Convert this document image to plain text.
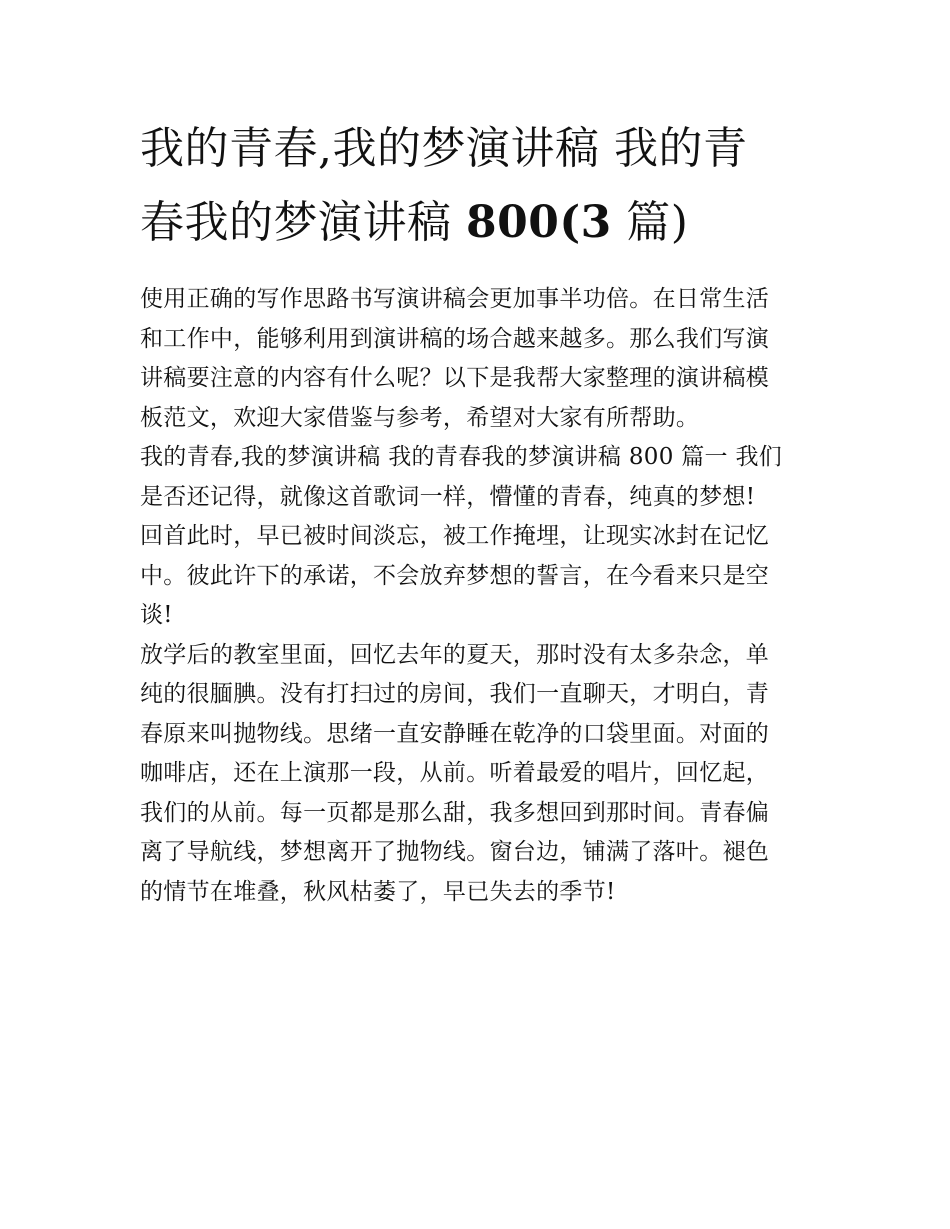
我的青春,我的梦演讲稿 我的青
春我的梦演讲稿 800(3 篇)

使用正确的写作思路书写演讲稿会更加事半功倍。在日常生活
和工作中，能够利用到演讲稿的场合越来越多。那么我们写演
讲稿要注意的内容有什么呢？以下是我帮大家整理的演讲稿模
板范文，欢迎大家借鉴与参考，希望对大家有所帮助。

我的青春,我的梦演讲稿 我的青春我的梦演讲稿 800 篇一 我们
是否还记得，就像这首歌词一样，懵懂的青春，纯真的梦想!
回首此时，早已被时间淡忘，被工作掩埋，让现实冰封在记忆
中。彼此许下的承诺，不会放弃梦想的誓言，在今看来只是空
谈!

放学后的教室里面，回忆去年的夏天，那时没有太多杂念，单
纯的很腼腆。没有打扫过的房间，我们一直聊天，才明白，青
春原来叫抛物线。思绪一直安静睡在乾净的口袋里面。对面的
咖啡店，还在上演那一段，从前。听着最爱的唱片，回忆起，
我们的从前。每一页都是那么甜，我多想回到那时间。青春偏
离了导航线，梦想离开了抛物线。窗台边，铺满了落叶。褪色
的情节在堆叠，秋风枯萎了，早已失去的季节!
